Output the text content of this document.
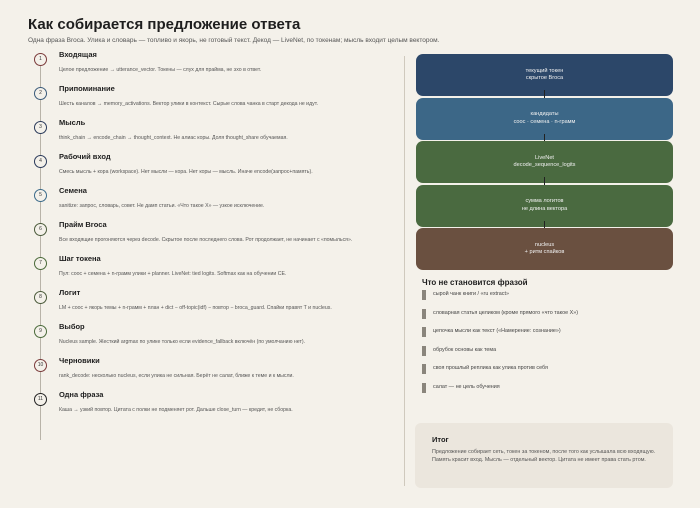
Как собирается предложение ответа
Одна фраза Broca. Улика и словарь — топливо и якорь, не готовый текст. Декод — LiveNet, по токенам; мысль входит целым вектором.
1	Входящая
Целое предложение → utterance_vector. Токены — слух для прайма, не эхо в ответ.
2	Припоминание
Шесть каналов → memory_activations. Вектор улики в контекст. Сырые слова чанка в старт декода не идут.
3	Мысль
think_chain → encode_chain → thought_context. Не алиас коры. Доля thought_share обучаемая.
4	Рабочий вход
Смесь мысль + кора (workspace). Нет мысли — кора. Нет коры — мысль. Иначе encode(запрос+память).
5	Семена
sanitize: запрос, словарь, совет. Не дамп статьи. «Что такое X» — узкое исключение.
6	Прайм Broca
Все входящие прогоняются через decode. Скрытое после последнего слова. Рот продолжает, не начинает с «помылься».
7	Шаг токена
Пул: cooc + семена + n-грамм улики + planner. LiveNet: tied logits. Softmax как на обучении CE.
8	Логит
LM + cooc + якорь темы + n-грамм + план + dict − off-topic(idf) − повтор − broca_guard. Спайки правят T и nucleus.
9	Выбор
Nucleus sample. Жесткий argmax по улике только если evidence_fallback включён (по умолчанию нет).
10	Черновики
rank_decode: несколько nucleus, если улика не сильная. Берёт не салат, ближе к теме и к мысли.
11	Одна фраза
Каша → узкий повтор. Цитата с полки не подменяет рот. Дальше close_turn — кредит, не сборка.
текущий токен
скрытое Broca
кандидаты
cooc · семена · n-грамм
LiveNet
decode_sequence_logits
сумма логитов
не длина вектора
nucleus
+ ритм спайков
Что не становится фразой
сырой чанк книги / «ru extract»
словарная статья целиком (кроме прямого «что такое X»)
цепочка мысли как текст («Намерение: сознание»)
обрубок основы как тема
своя прошлый реплика как улика против себя
салат — не цель обучения
Итог
Предложение собирает сеть, токен за токеном, после того как услышала всю входящую. Память красит вход. Мысль — отдельный вектор. Цитата не имеет права стать ртом.
